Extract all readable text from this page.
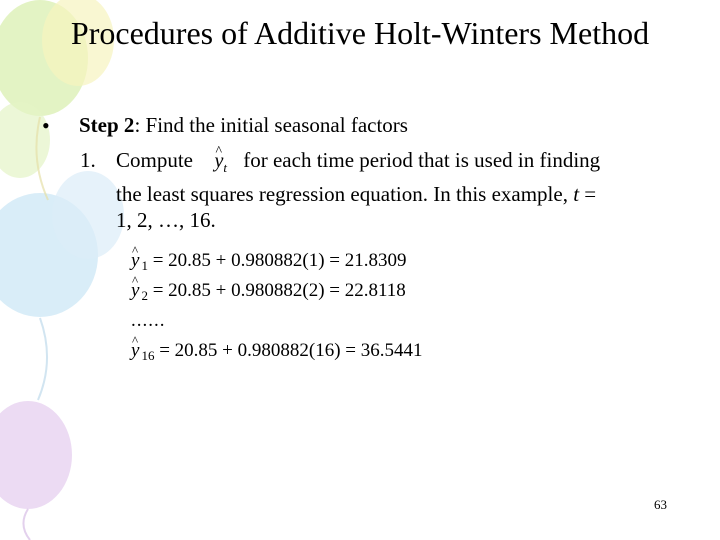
Procedures of Additive Holt-Winters Method
• Step 2: Find the initial seasonal factors
1. Compute ^ $y_t$ for each time period that is used in finding
the least squares regression equation. In this example, t =
1, 2, …, 16.
^ y $_1$ = 20.85 + 0.980882(1) = 21.8309
^ y $_2$ = 20.85 + 0.980882(2) = 22.8118
......
^ y $_{16}$ = 20.85 + 0.980882(16) = 36.5441
63
